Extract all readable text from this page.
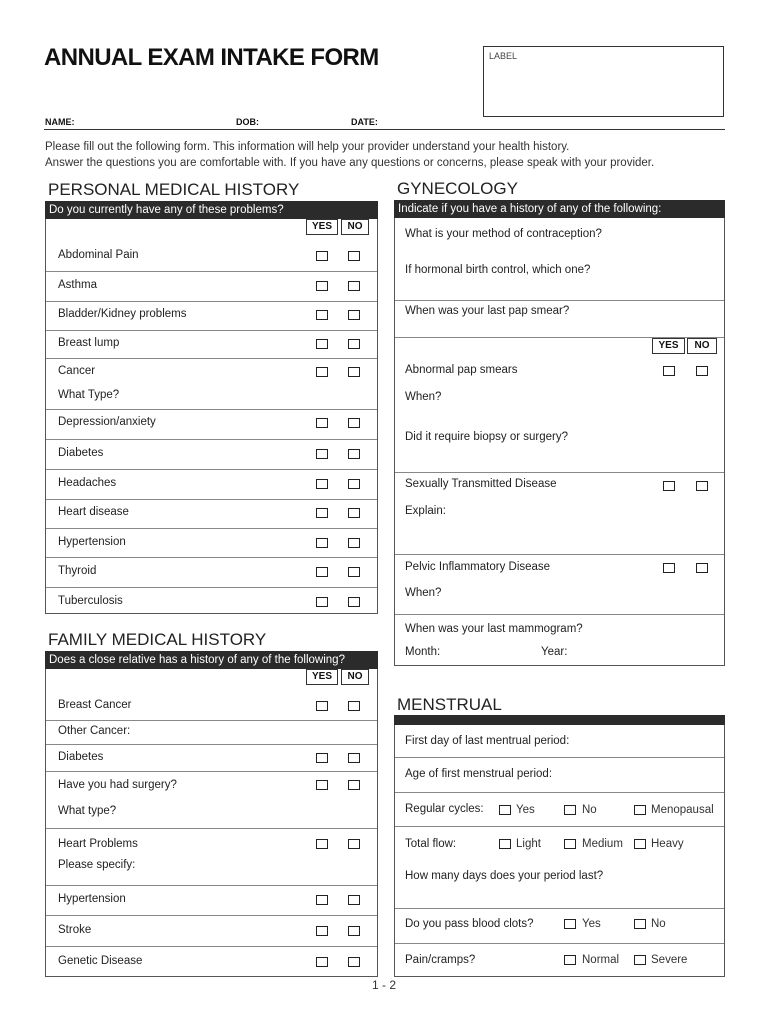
ANNUAL EXAM INTAKE FORM	LABEL
NAME:	DOB:	DATE:
Please fill out the following form. This information will help your provider understand your health history.
Answer the questions you are comfortable with. If you have any questions or concerns, please speak with your provider.
PERSONAL MEDICAL HISTORY
Do you currently have any of these problems?
YES	NO
Abdominal Pain
Asthma
Bladder/Kidney problems
Breast lump
Cancer
What Type?
Depression/anxiety
Diabetes
Headaches
Heart disease
Hypertension
Thyroid
Tuberculosis
FAMILY MEDICAL HISTORY
Does a close relative has a history of any of the following?
YES	NO
Breast Cancer
Other Cancer:
Diabetes
Have you had surgery?
What type?
Heart Problems
Please specify:
Hypertension
Stroke
Genetic Disease
GYNECOLOGY
Indicate if you have a history of any of the following:
What is your method of contraception?
If hormonal birth control, which one?
When was your last pap smear?
YES	NO
Abnormal pap smears
When?
Did it require biopsy or surgery?
Sexually Transmitted Disease
Explain:
Pelvic Inflammatory Disease
When?
When was your last mammogram?
Month:	Year:
MENSTRUAL
First day of last mentrual period:
Age of first menstrual period:
Regular cycles:	Yes	No	Menopausal
Total flow:	Light	Medium Heavy
How many days does your period last?
Do you pass blood clots?	Yes	No
Pain/cramps?	Normal	Severe
1 - 2
